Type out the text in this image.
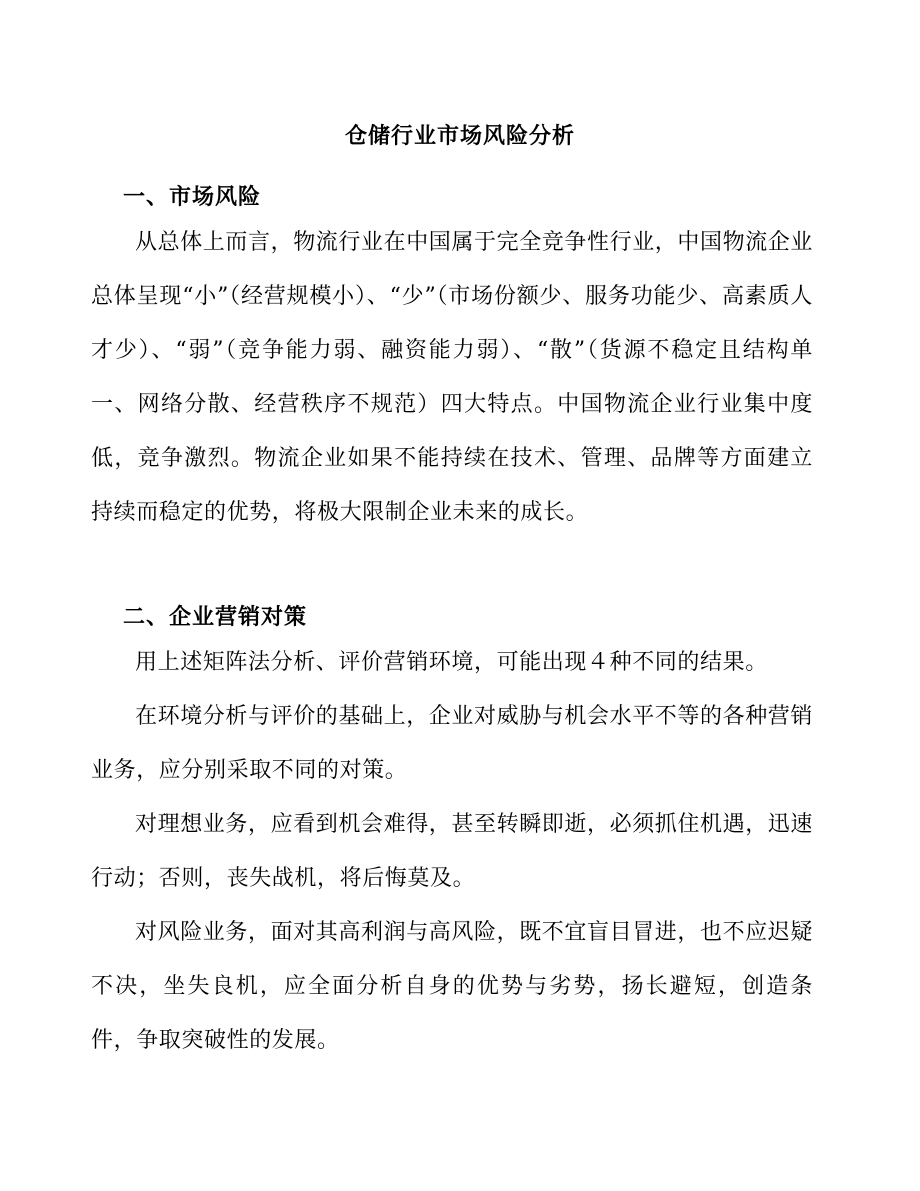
仓储行业市场风险分析
一、市场风险
从总体上而言，物流行业在中国属于完全竞争性行业，中国物流企业总体呈现“小”（经营规模小）、“少”（市场份额少、服务功能少、高素质人才少）、“弱”（竞争能力弱、融资能力弱）、“散”（货源不稳定且结构单一、网络分散、经营秩序不规范）四大特点。中国物流企业行业集中度低，竞争激烈。物流企业如果不能持续在技术、管理、品牌等方面建立持续而稳定的优势，将极大限制企业未来的成长。
二、企业营销对策
用上述矩阵法分析、评价营销环境，可能出现４种不同的结果。
在环境分析与评价的基础上，企业对威胁与机会水平不等的各种营销业务，应分别采取不同的对策。
对理想业务，应看到机会难得，甚至转瞬即逝，必须抓住机遇，迅速行动；否则，丧失战机，将后悔莫及。
对风险业务，面对其高利润与高风险，既不宜盲目冒进，也不应迟疑不决，坐失良机，应全面分析自身的优势与劣势，扬长避短，创造条件，争取突破性的发展。
